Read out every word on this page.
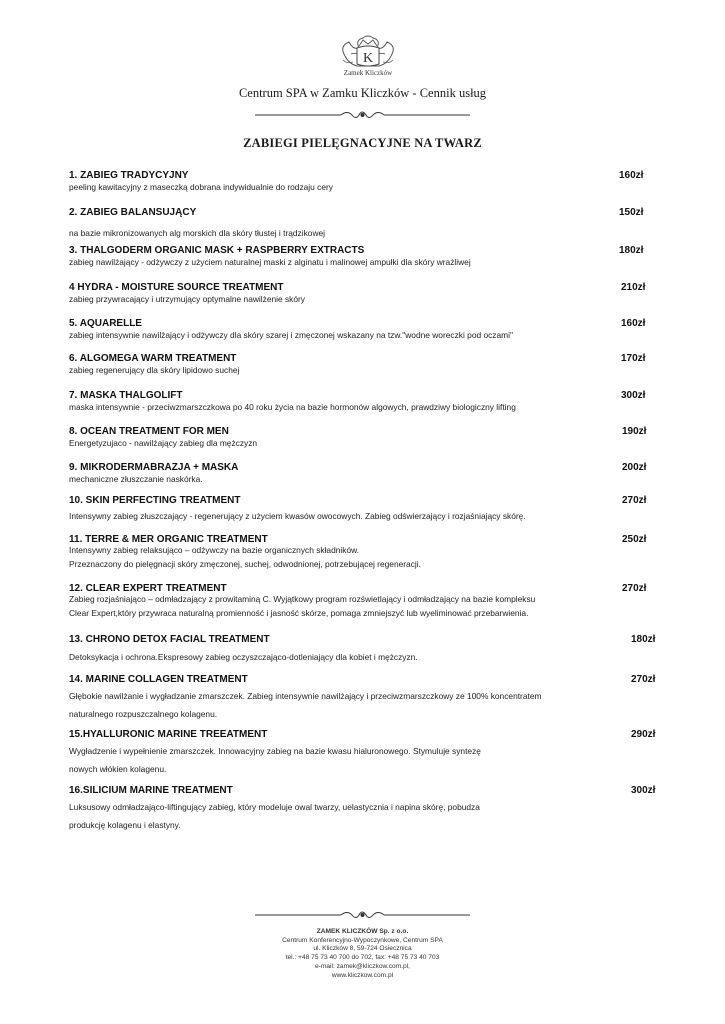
K
Zamek Kliczków
Centrum SPA w Zamku Kliczków - Cennik usług
ZABIEGI PIELĘGNACYJNE NA TWARZ
1. ZABIEG TRADYCYJNY	160zł
peeling kawitacyjny z maseczką dobrana indywidualnie do rodzaju cery
2. ZABIEG BALANSUJĄCY	150zł
na bazie mikronizowanych alg morskich dla skóry tłustej i trądzikowej
3. THALGODERM ORGANIC MASK + RASPBERRY EXTRACTS	180zł
zabieg nawilżający - odżywczy z użyciem naturalnej maski z alginatu i malinowej ampułki dla skóry wrażliwej
4 HYDRA - MOISTURE SOURCE TREATMENT	210zł
zabieg przywracający i utrzymujący optymalne nawilżenie skóry
5. AQUARELLE	160zł
zabieg intensywnie nawilżający i odżywczy dla skóry szarej i zmęczonej wskazany na tzw."wodne woreczki pod oczami"
6. ALGOMEGA WARM TREATMENT	170zł
zabieg regenerujący dla skóry lipidowo suchej
7. MASKA THALGOLIFT	300zł
maska intensywnie - przeciwzmarszczkowa po 40 roku życia na bazie hormonów algowych, prawdziwy biologiczny lifting
8. OCEAN TREATMENT FOR MEN	190zł
Energetyzujaco - nawilżający zabieg dla mężczyzn
9. MIKRODERMABRAZJA + MASKA	200zł
mechaniczne złuszczanie naskórka.
10. SKIN PERFECTING TREATMENT	270zł
Intensywny zabieg złuszczający - regenerujący z użyciem kwasów owocowych. Zabieg odświerzający i rozjaśniający skórę.
11. TERRE & MER ORGANIC TREATMENT	250zł
Intensywny zabieg relaksująco – odżywczy na bazie organicznych składników.
Przeznaczony do pielęgnacji skóry zmęczonej, suchej, odwodnionej, potrzebującej regeneracji.
12. CLEAR EXPERT TREATMENT	270zł
Zabieg rozjaśniająco – odmładzający z prowitaminą C. Wyjątkowy program rozświetlający i odmładzający na bazie kompleksu
Clear Expert,który przywraca naturalną promienność i jasność skórze, pomaga zmniejszyć lub wyeliminować przebarwienia.
13. CHRONO DETOX FACIAL TREATMENT	180zł
Detoksykacja i ochrona.Ekspresowy zabieg oczyszczająco-dotleniający dla kobiet i mężczyzn.
14. MARINE COLLAGEN TREATMENT	270zł
Głębokie nawilżanie i wygładzanie zmarszczek. Zabieg intensywnie nawilżający i przeciwzmarszczkowy ze 100% koncentratem
naturalnego rozpuszczalnego kolagenu.
15.HYALLURONIC MARINE TREEATMENT	290zł
Wygładzenie i wypełnienie zmarszczek. Innowacyjny zabieg na bazie kwasu hialuronowego. Stymuluje syntezę
nowych włókien kolagenu.
16.SILICIUM MARINE TREATMENT	300zł
Luksusowy odmładzająco-liftingujący zabieg, który modeluje owal twarzy, uelastycznia i napina skórę, pobudza
produkcję kolagenu i elastyny.
ZAMEK KLICZKÓW Sp. z o.o.
Centrum Konferencyjno-Wypoczynkowe, Centrum SPA
ul. Kliczków 8, 59-724 Osiecznica
tel.: +48 75 73 40 700 do 702, fax: +48 75 73 40 703
e-mail: zamek@kliczkow.com.pl,
www.kliczkow.com.pl
